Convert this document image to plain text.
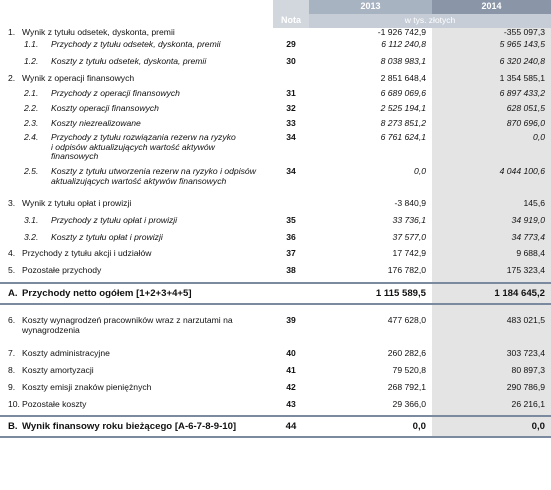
	Nota	2013	2014
		w tys. złotych	

1. Wynik z tytułu odsetek, dyskonta, premii		-1 926 742,9	-355 097,3

1.1. Przychody z tytułu odsetek, dyskonta, premii	29	6 112 240,8	5 965 143,5

1.2. Koszty z tytułu odsetek, dyskonta, premii	30	8 038 983,1	6 320 240,8

2. Wynik z operacji finansowych		2 851 648,4	1 354 585,1

2.1. Przychody z operacji finansowych	31	6 689 069,6	6 897 433,2

2.2. Koszty operacji finansowych	32	2 525 194,1	628 051,5

2.3. Koszty niezrealizowane	33	8 273 851,2	870 696,0

2.4. Przychody z tytułu rozwiązania rezerw na ryzyko
i odpisów aktualizujących wartość aktywów
finansowych	34	6 761 624,1	0,0

2.5. Koszty z tytułu utworzenia rezerw na ryzyko i odpisów
aktualizujących wartość aktywów finansowych	34	0,0	4 044 100,6

3. Wynik z tytułu opłat i prowizji		-3 840,9	145,6

3.1. Przychody z tytułu opłat i prowizji	35	33 736,1	34 919,0

3.2. Koszty z tytułu opłat i prowizji	36	37 577,0	34 773,4

4. Przychody z tytułu akcji i udziałów	37	17 742,9	9 688,4

5. Pozostałe przychody	38	176 782,0	175 323,4

A. Przychody netto ogółem [1+2+3+4+5]		1 115 589,5	1 184 645,2

6. Koszty wynagrodzeń pracowników wraz z narzutami na
wynagrodzenia	39	477 628,0	483 021,5

7. Koszty administracyjne	40	260 282,6	303 723,4

8. Koszty amortyzacji	41	79 520,8	80 897,3

9. Koszty emisji znaków pieniężnych	42	268 792,1	290 786,9

10. Pozostałe koszty	43	29 366,0	26 216,1

B. Wynik finansowy roku bieżącego [A-6-7-8-9-10]	44	0,0	0,0
